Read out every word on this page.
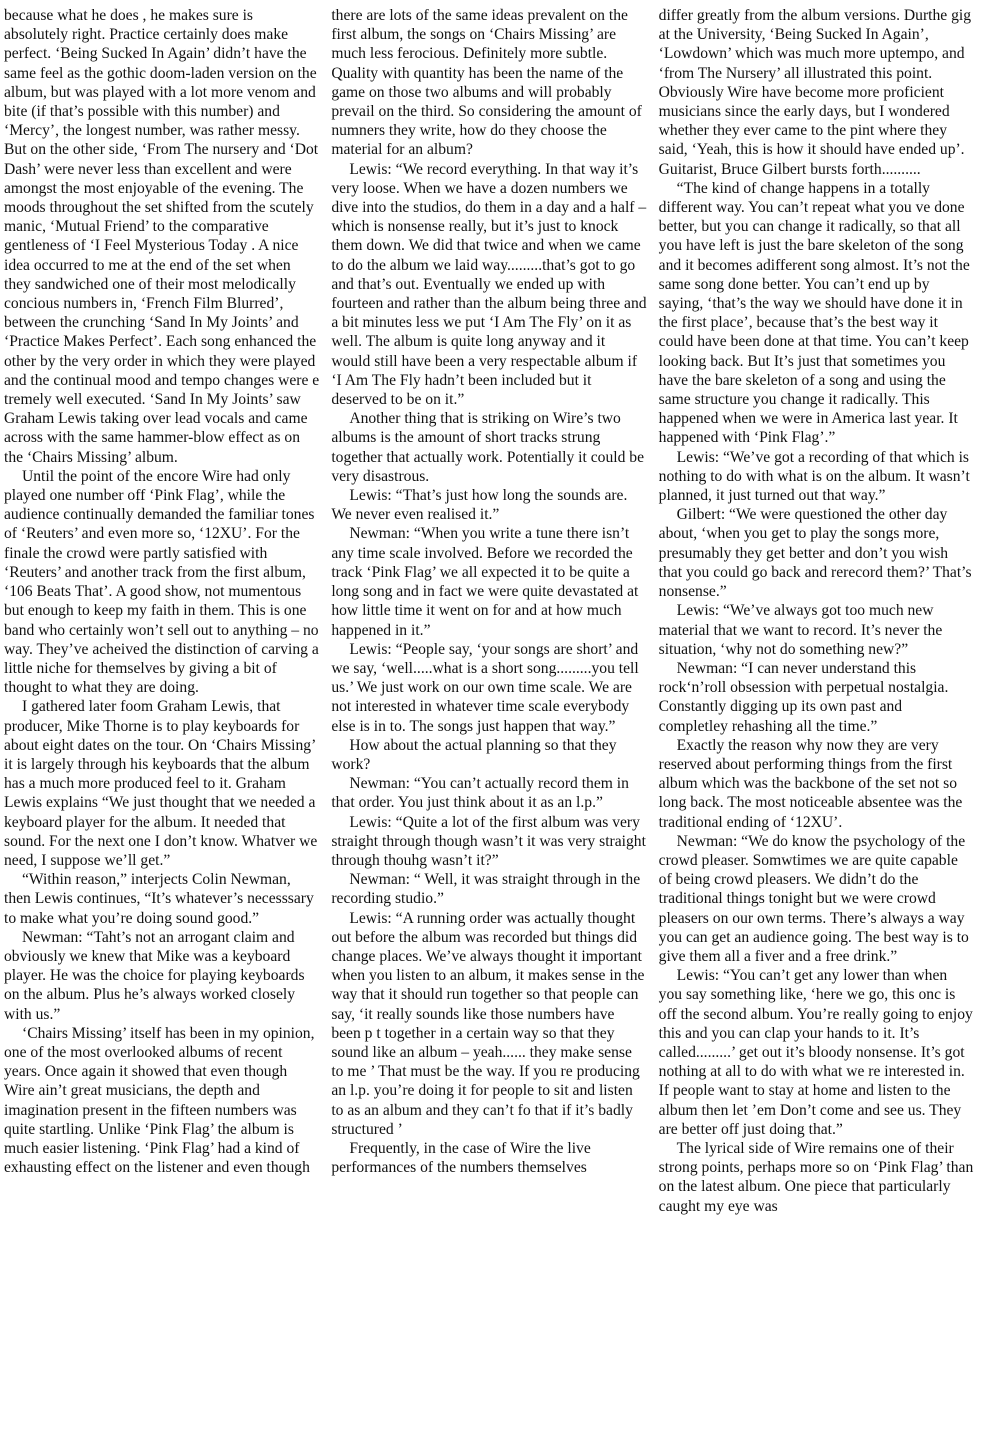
because what he does , he makes sure is absolutely right. Practice certainly does make perfect. ‘Being Sucked In Again’ didn’t have the same feel as the gothic doom-laden version on the album, but was played with a lot more venom and bite (if that’s possible with this number) and ‘Mercy’, the longest number, was rather messy. But on the other side, ‘From The nursery and ‘Dot Dash’ were never less than excellent and were amongst the most enjoyable of the evening. The moods throughout the set shifted from the scutely manic, ‘Mutual Friend’ to the comparative gentleness of ‘I Feel Mysterious Today . A nice idea occurred to me at the end of the set when they sandwiched one of their most melodically concious numbers in, ‘French Film Blurred’, between the crunching ‘Sand In My Joints’ and ‘Practice Makes Perfect’. Each song enhanced the other by the very order in which they were played and the continual mood and tempo changes were e tremely well executed. ‘Sand In My Joints’ saw Graham Lewis taking over lead vocals and came across with the same hammer-blow effect as on the ‘Chairs Missing’ album.

Until the point of the encore Wire had only played one number off ‘Pink Flag’, while the audience continually demanded the familiar tones of ‘Reuters’ and even more so, ‘12XU’. For the finale the crowd were partly satisfied with ‘Reuters’ and another track from the first album, ‘106 Beats That’. A good show, not mumentous but enough to keep my faith in them. This is one band who certainly won’t sell out to anything – no way. They’ve acheived the distinction of carving a little niche for themselves by giving a bit of thought to what they are doing.

I gathered later foom Graham Lewis, that producer, Mike Thorne is to play keyboards for about eight dates on the tour. On ‘Chairs Missing’ it is largely through his keyboards that the album has a much more produced feel to it. Graham Lewis explains “We just thought that we needed a keyboard player for the album. It needed that sound. For the next one I don’t know. Whatver we need, I suppose we’ll get.”

“Within reason,” interjects Colin Newman, then Lewis continues, “It’s whatever’s necesssary to make what you’re doing sound good.”

Newman: “Taht’s not an arrogant claim and obviously we knew that Mike was a keyboard player. He was the choice for playing keyboards on the album. Plus he’s always worked closely with us.”

‘Chairs Missing’ itself has been in my opinion, one of the most overlooked albums of recent years. Once again it showed that even though Wire ain’t great musicians, the depth and imagination present in the fifteen numbers was quite startling. Unlike ‘Pink Flag’ the album is much easier listening. ‘Pink Flag’ had a kind of exhausting effect on the listener and even though

there are lots of the same ideas prevalent on the first album, the songs on ‘Chairs Missing’ are much less ferocious. Definitely more subtle. Quality with quantity has been the name of the game on those two albums and will probably prevail on the third. So considering the amount of numners they write, how do they choose the material for an album?

Lewis: “We record everything. In that way it’s very loose. When we have a dozen numbers we dive into the studios, do them in a day and a half – which is nonsense really, but it’s just to knock them down. We did that twice and when we came to do the album we laid way.........that’s got to go and that’s out. Eventually we ended up with fourteen and rather than the album being three and a bit minutes less we put ‘I Am The Fly’ on it as well. The album is quite long anyway and it would still have been a very respectable album if ‘I Am The Fly hadn’t been included but it deserved to be on it.”

Another thing that is striking on Wire’s two albums is the amount of short tracks strung together that actually work. Potentially it could be very disastrous.

Lewis: “That’s just how long the sounds are. We never even realised it.”

Newman: “When you write a tune there isn’t any time scale involved. Before we recorded the track ‘Pink Flag’ we all expected it to be quite a long song and in fact we were quite devastated at how little time it went on for and at how much happened in it.”

Lewis: “People say, ‘your songs are short’ and we say, ‘well.....what is a short song.........you tell us.’ We just work on our own time scale. We are not interested in whatever time scale everybody else is in to. The songs just happen that way.”

How about the actual planning so that they work?

Newman: “You can’t actually record them in that order. You just think about it as an l.p.”

Lewis: “Quite a lot of the first album was very straight through though wasn’t it was very straight through thouhg wasn’t it?”

Newman: “ Well, it was straight through in the recording studio.”

Lewis: “A running order was actually thought out before the album was recorded but things did change places. We’ve always thought it important when you listen to an album, it makes sense in the way that it should run together so that people can say, ‘it really sounds like those numbers have been p t together in a certain way so that they sound like an album – yeah...... they make sense to me ’ That must be the way. If you re producing an l.p. you’re doing it for people to sit and listen to as an album and they can’t fo that if it’s badly structured ’

Frequently, in the case of Wire the live performances of the numbers themselves

differ greatly from the album versions. Durthe gig at the University, ‘Being Sucked In Again’, ‘Lowdown’ which was much more uptempo, and ‘from The Nursery’ all illustrated this point. Obviously Wire have become more proficient musicians since the early days, but I wondered whether they ever came to the pint where they said, ‘Yeah, this is how it should have ended up’. Guitarist, Bruce Gilbert bursts forth..........

“The kind of change happens in a totally different way. You can’t repeat what you ve done better, but you can change it radically, so that all you have left is just the bare skeleton of the song and it becomes adifferent song almost. It’s not the same song done better. You can’t end up by saying, ‘that’s the way we should have done it in the first place’, because that’s the best way it could have been done at that time. You can’t keep looking back. But It’s just that sometimes you have the bare skeleton of a song and using the same structure you change it radically. This happened when we were in America last year. It happened with ‘Pink Flag’.”

Lewis: “We’ve got a recording of that which is nothing to do with what is on the album. It wasn’t planned, it just turned out that way.”

Gilbert: “We were questioned the other day about, ‘when you get to play the songs more, presumably they get better and don’t you wish that you could go back and rerecord them?’ That’s nonsense.”

Lewis: “We’ve always got too much new material that we want to record. It’s never the situation, ‘why not do something new?”

Newman: “I can never understand this rock‘n’roll obsession with perpetual nostalgia. Constantly digging up its own past and completley rehashing all the time.”

Exactly the reason why now they are very reserved about performing things from the first album which was the backbone of the set not so long back. The most noticeable absentee was the traditional ending of ‘12XU’.

Newman: “We do know the psychology of the crowd pleaser. Somwtimes we are quite capable of being crowd pleasers. We didn’t do the traditional things tonight but we were crowd pleasers on our own terms. There’s always a way you can get an audience going. The best way is to give them all a fiver and a free drink.”

Lewis: “You can’t get any lower than when you say something like, ‘here we go, this onc is off the second album. You’re really going to enjoy this and you can clap your hands to it. It’s called.........’ get out it’s bloody nonsense. It’s got nothing at all to do with what we re interested in. If people want to stay at home and listen to the album then let ’em Don’t come and see us. They are better off just doing that.”

The lyrical side of Wire remains one of their strong points, perhaps more so on ‘Pink Flag’ than on the latest album. One piece that particularly caught my eye was
